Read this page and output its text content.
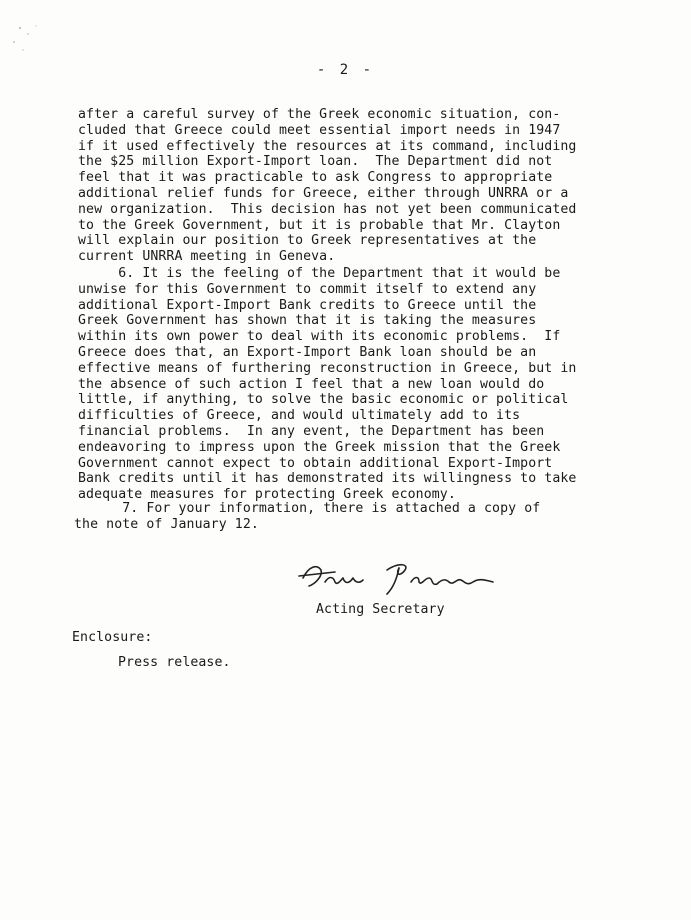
- 2 -
after a careful survey of the Greek economic situation, con-
cluded that Greece could meet essential import needs in 1947
if it used effectively the resources at its command, including
the $25 million Export-Import loan.  The Department did not
feel that it was practicable to ask Congress to appropriate
additional relief funds for Greece, either through UNRRA or a
new organization.  This decision has not yet been communicated
to the Greek Government, but it is probable that Mr. Clayton
will explain our position to Greek representatives at the
current UNRRA meeting in Geneva.
6. It is the feeling of the Department that it would be
unwise for this Government to commit itself to extend any
additional Export-Import Bank credits to Greece until the
Greek Government has shown that it is taking the measures
within its own power to deal with its economic problems.  If
Greece does that, an Export-Import Bank loan should be an
effective means of furthering reconstruction in Greece, but in
the absence of such action I feel that a new loan would do
little, if anything, to solve the basic economic or political
difficulties of Greece, and would ultimately add to its
financial problems.  In any event, the Department has been
endeavoring to impress upon the Greek mission that the Greek
Government cannot expect to obtain additional Export-Import
Bank credits until it has demonstrated its willingness to take
adequate measures for protecting Greek economy.
7. For your information, there is attached a copy of
the note of January 12.
Acting Secretary
Enclosure:
Press release.
